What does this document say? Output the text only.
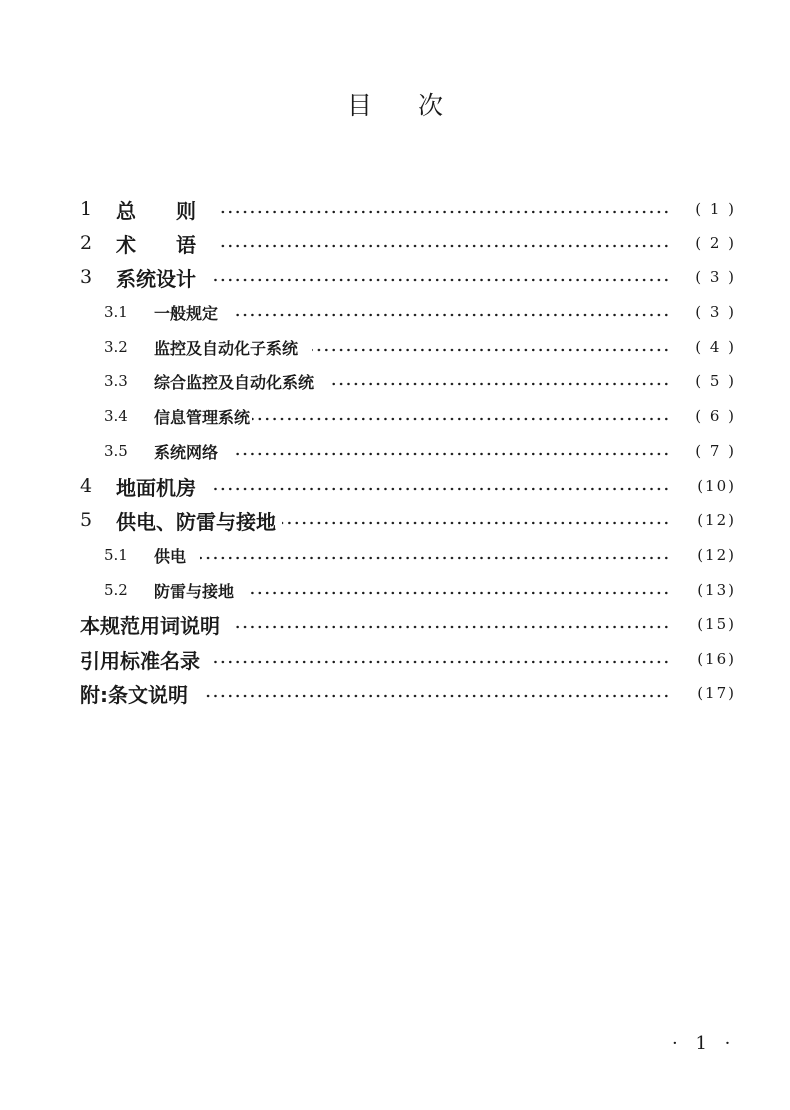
目次
1	总　则	( 1 )
2	术　语	( 2 )
3	系统设计	( 3 )
3.1	一般规定	( 3 )
3.2	监控及自动化子系统	( 4 )
3.3	综合监控及自动化系统	( 5 )
3.4	信息管理系统	( 6 )
3.5	系统网络	( 7 )
4	地面机房	(10)
5	供电、防雷与接地	(12)
5.1	供电	(12)
5.2	防雷与接地	(13)
本规范用词说明	(15)
引用标准名录	(16)
附:条文说明	(17)
· 1 ·
